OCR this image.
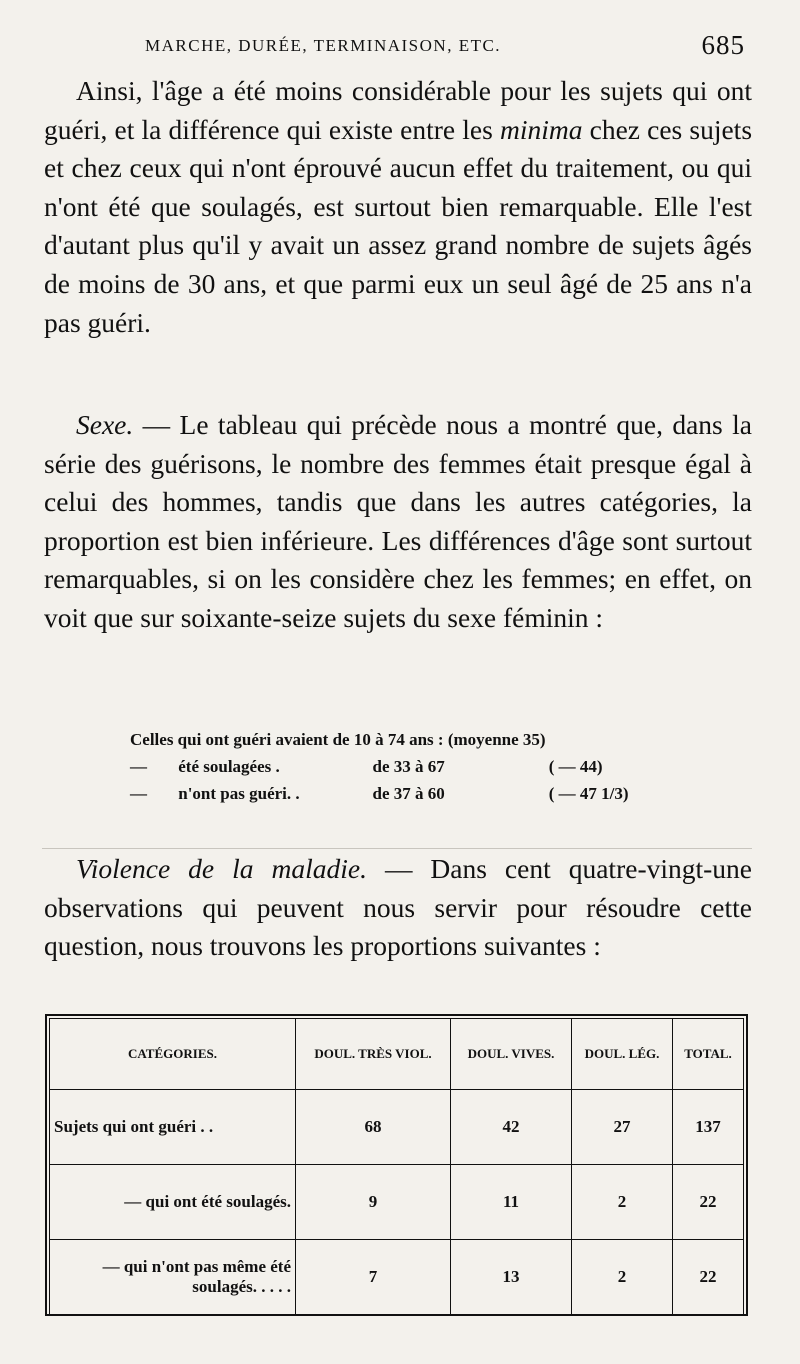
MARCHE, DURÉE, TERMINAISON, ETC.	685

Ainsi, l'âge a été moins considérable pour les sujets qui ont guéri, et la différence qui existe entre les minima chez ces sujets et chez ceux qui n'ont éprouvé aucun effet du traitement, ou qui n'ont été que soulagés, est surtout bien remarquable. Elle l'est d'autant plus qu'il y avait un assez grand nombre de sujets âgés de moins de 30 ans, et que parmi eux un seul âgé de 25 ans n'a pas guéri.

Sexe. — Le tableau qui précède nous a montré que, dans la série des guérisons, le nombre des femmes était presque égal à celui des hommes, tandis que dans les autres catégories, la proportion est bien inférieure. Les différences d'âge sont surtout remarquables, si on les considère chez les femmes; en effet, on voit que sur soixante-seize sujets du sexe féminin :

Celles qui ont guéri avaient de 10 à 74 ans : (moyenne 35)
— été soulagées .	de 33 à 67	( — 44)
— n'ont pas guéri. .	de 37 à 60	( — 47 1/3)

Violence de la maladie. — Dans cent quatre-vingt-une observations qui peuvent nous servir pour résoudre cette question, nous trouvons les proportions suivantes :

CATÉGORIES.	DOUL. TRÈS VIOL.	DOUL. VIVES.	DOUL. LÉG.	TOTAL.
Sujets qui ont guéri . .	68	42	27	137
— qui ont été soulagés.	9	11	2	22
— qui n'ont pas même été soulagés. . . . .	7	13	2	22
